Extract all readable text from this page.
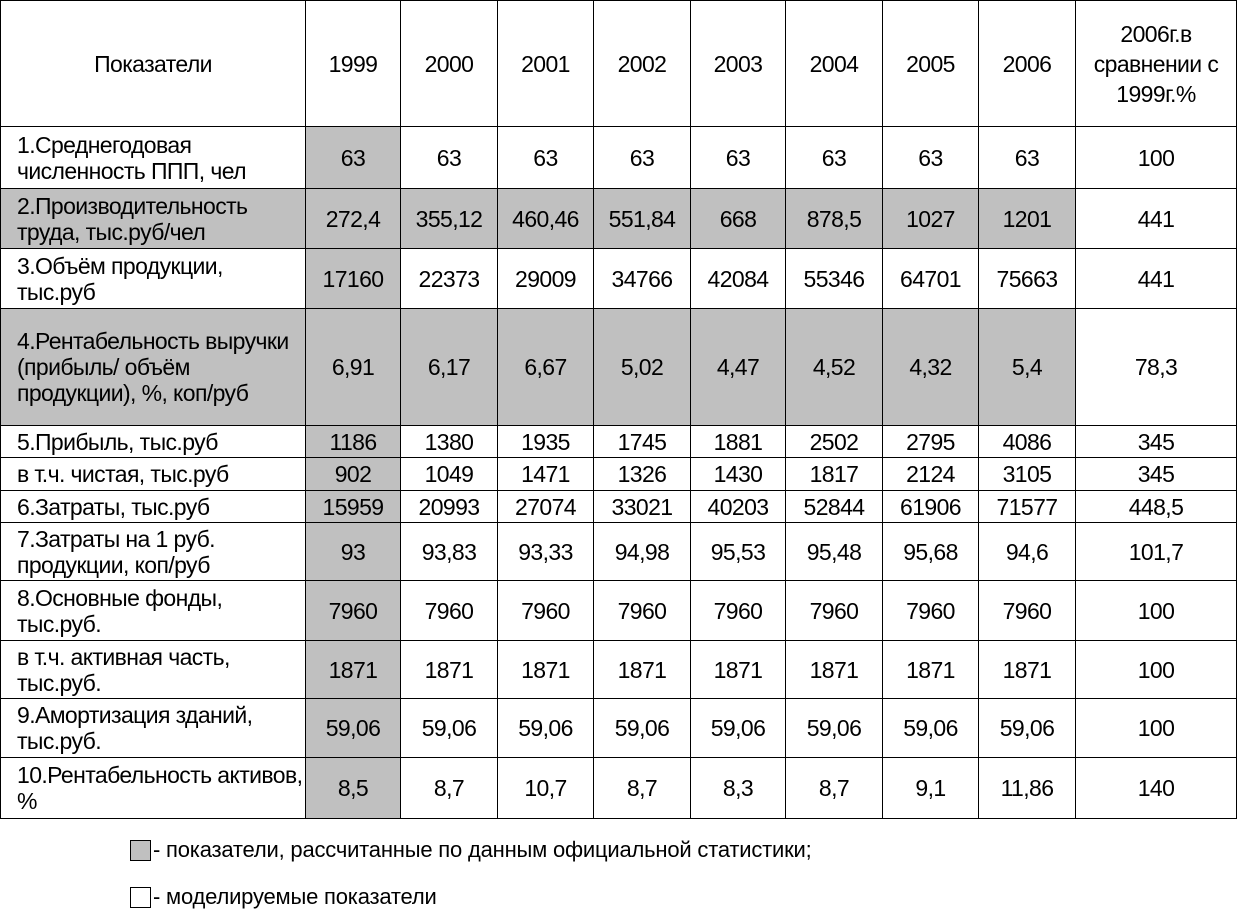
Показатели	1999	2000	2001	2002	2003	2004	2005	2006	2006г.в сравнении с 1999г.%
1.Среднегодовая численность ППП, чел	63	63	63	63	63	63	63	63	100
2.Производительность труда, тыс.руб/чел	272,4	355,12	460,46	551,84	668	878,5	1027	1201	441
3.Объём продукции, тыс.руб	17160	22373	29009	34766	42084	55346	64701	75663	441
4.Рентабельность выручки (прибыль/ объём продукции), %, коп/руб	6,91	6,17	6,67	5,02	4,47	4,52	4,32	5,4	78,3
5.Прибыль, тыс.руб	1186	1380	1935	1745	1881	2502	2795	4086	345
в т.ч. чистая, тыс.руб	902	1049	1471	1326	1430	1817	2124	3105	345
6.Затраты, тыс.руб	15959	20993	27074	33021	40203	52844	61906	71577	448,5
7.Затраты на 1 руб. продукции, коп/руб	93	93,83	93,33	94,98	95,53	95,48	95,68	94,6	101,7
8.Основные фонды, тыс.руб.	7960	7960	7960	7960	7960	7960	7960	7960	100
в т.ч. активная часть, тыс.руб.	1871	1871	1871	1871	1871	1871	1871	1871	100
9.Амортизация зданий, тыс.руб.	59,06	59,06	59,06	59,06	59,06	59,06	59,06	59,06	100
10.Рентабельность активов, %	8,5	8,7	10,7	8,7	8,3	8,7	9,1	11,86	140
- показатели, рассчитанные по данным официальной статистики;
- моделируемые показатели
